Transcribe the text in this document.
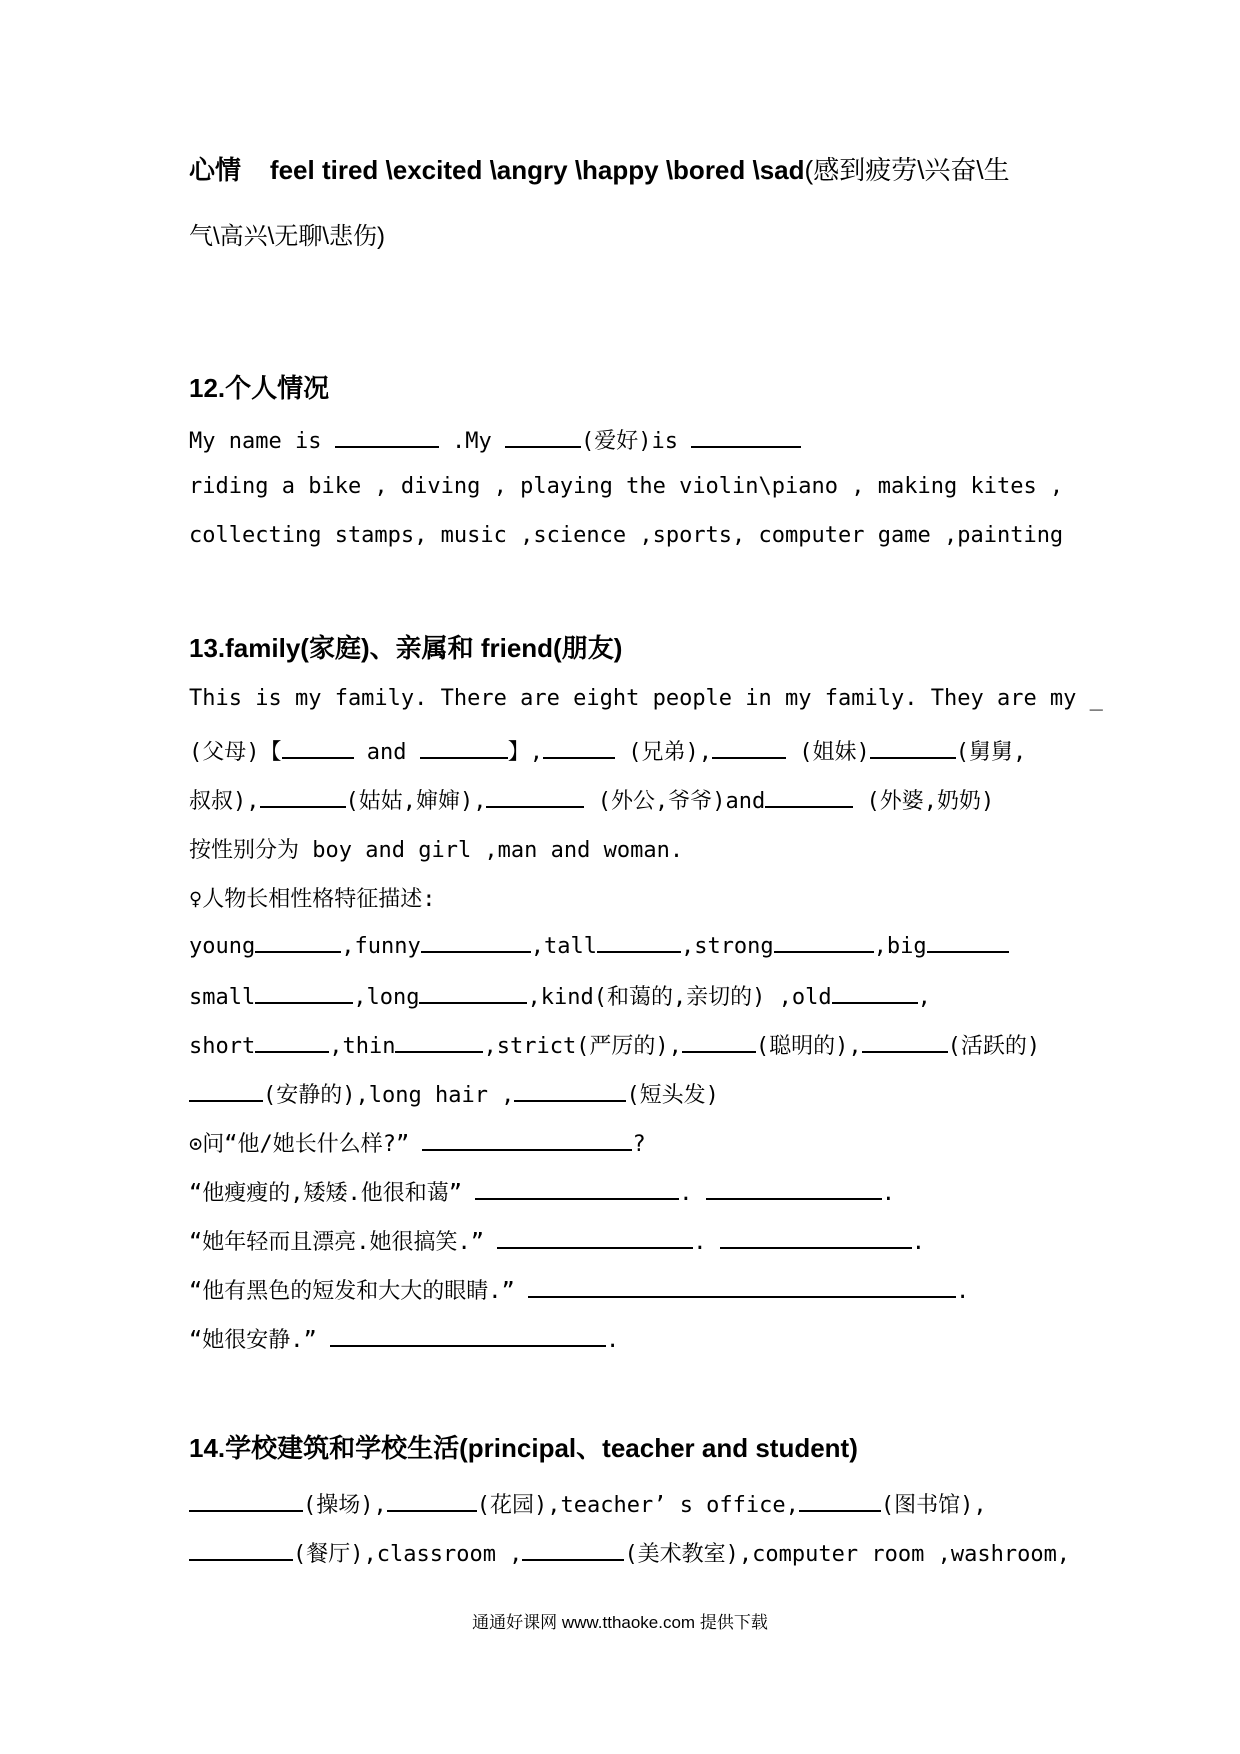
心情 feel tired \excited \angry \happy \bored \sad(感到疲劳\兴奋\生
气\高兴\无聊\悲伤)
12.个人情况
My name is	.My	(爱好)is
riding a bike , diving , playing the violin\piano , making kites ,
collecting stamps, music ,science ,sports, computer game ,painting
13.family(家庭)、亲属和 friend(朋友)
This is my family. There are eight people in my family. They are my _
(父母)【	and	】,	(兄弟),	(姐妹)	(舅舅,
叔叔),	(姑姑,婶婶),	(外公,爷爷)and	(外婆,奶奶)
按性别分为 boy and girl ,man and woman.
♀人物长相性格特征描述:
young	,funny	,tall	,strong	,big
small	,long	,kind(和蔼的,亲切的) ,old	,
short	,thin	,strict(严厉的),	(聪明的),	(活跃的)
(安静的),long hair ,	(短头发)
⊙问“他/她长什么样?”	?
“他瘦瘦的,矮矮.他很和蔼”	.	.
“她年轻而且漂亮.她很搞笑.”	.	.
“他有黑色的短发和大大的眼睛.”	.
“她很安静.”	.
14.学校建筑和学校生活(principal、teacher and student)
(操场),	(花园),teacher’ s office,	(图书馆),
(餐厅),classroom ,	(美术教室),computer room ,washroom,
通通好课网 www.tthaoke.com 提供下载
